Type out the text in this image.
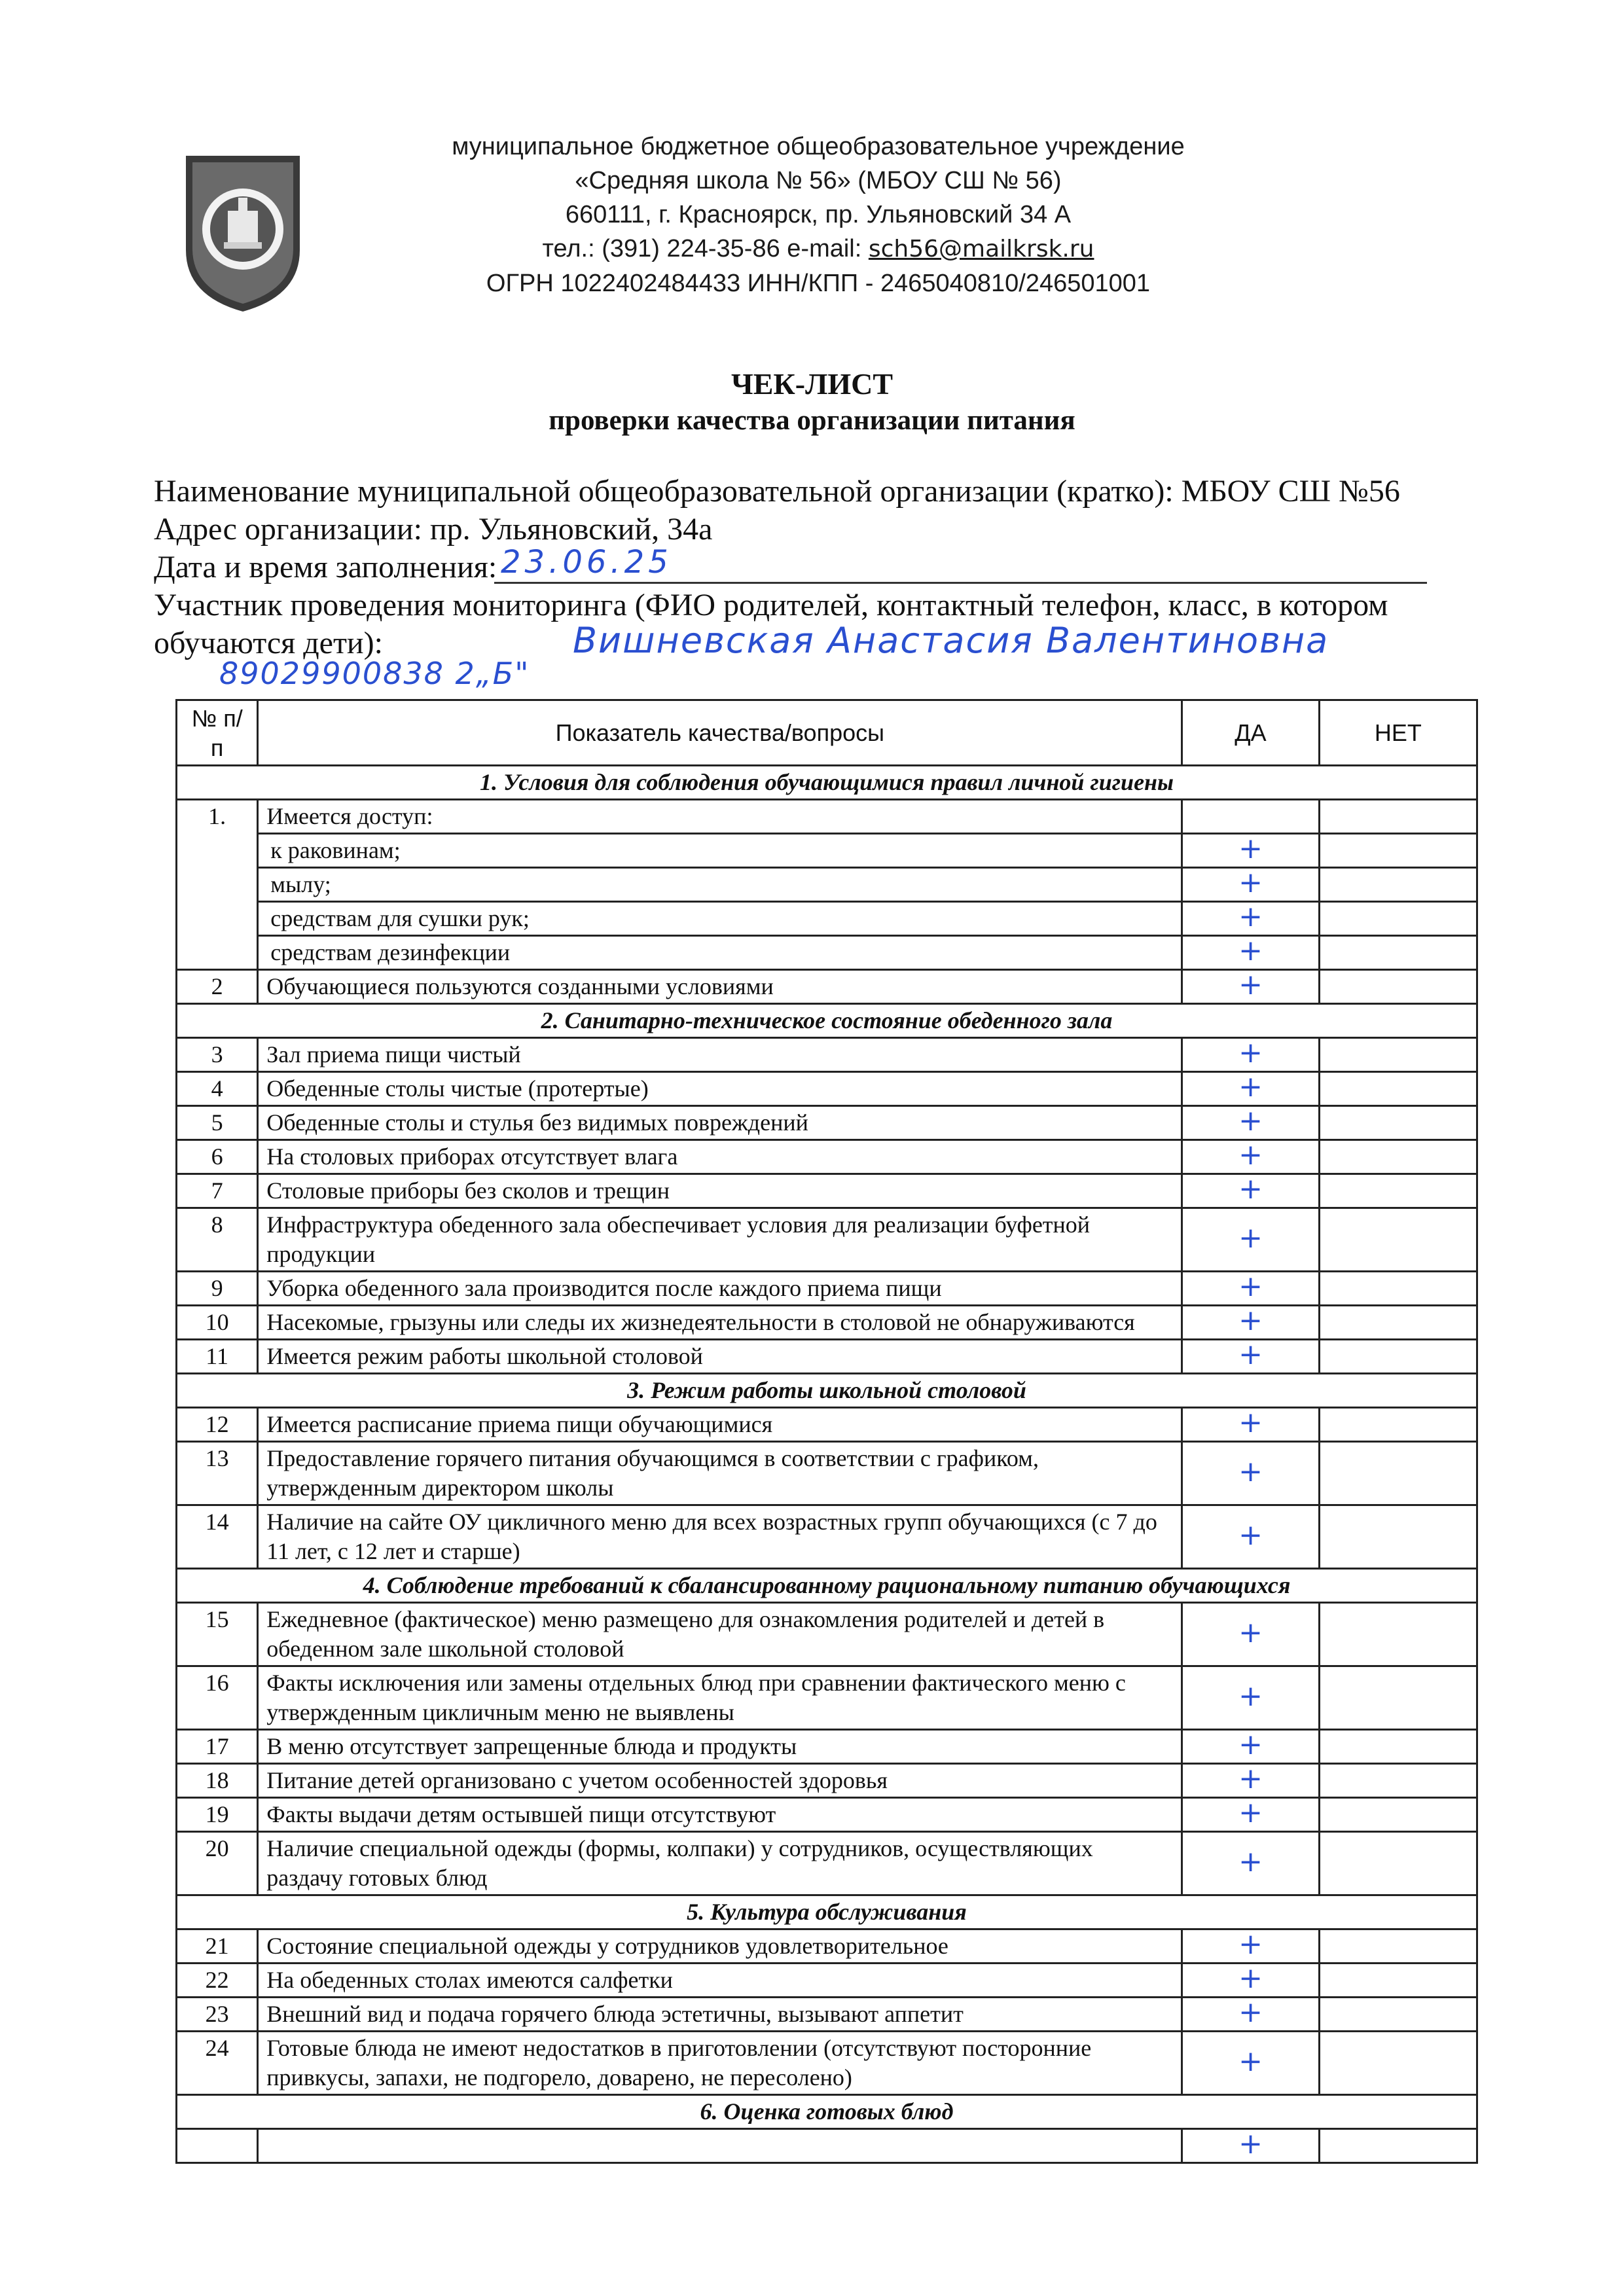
муниципальное бюджетное общеобразовательное учреждение
«Средняя школа № 56» (МБОУ СШ № 56)
660111, г. Красноярск, пр. Ульяновский 34 А
тел.: (391) 224-35-86 e-mail: sch56@mailkrsk.ru
ОГРН 1022402484433 ИНН/КПП - 2465040810/246501001
ЧЕК-ЛИСТ
проверки качества организации питания
Наименование муниципальной общеобразовательной организации (кратко): МБОУ СШ №56
Адрес организации: пр. Ульяновский, 34а
Дата и время заполнения: 23.06.25
Участник проведения мониторинга (ФИО родителей, контактный телефон, класс, в котором
обучаются дети):	Вишневская Анастасия Валентиновна
89029900838 2„Б"
№ п/п	Показатель качества/вопросы	ДА	НЕТ
1. Условия для соблюдения обучающимися правил личной гигиены			
1.	Имеется доступ:		
	к раковинам;	+	
	мылу;	+	
	средствам для сушки рук;	+	
	средствам дезинфекции	+	
2	Обучающиеся пользуются созданными условиями	+	
2. Санитарно-техническое состояние обеденного зала			
3	Зал приема пищи чистый	+	
4	Обеденные столы чистые (протертые)	+	
5	Обеденные столы и стулья без видимых повреждений	+	
6	На столовых приборах отсутствует влага	+	
7	Столовые приборы без сколов и трещин	+	
8	Инфраструктура обеденного зала обеспечивает условия для реализации буфетной продукции	+	
9	Уборка обеденного зала производится после каждого приема пищи	+	
10	Насекомые, грызуны или следы их жизнедеятельности в столовой не обнаруживаются	+	
11	Имеется режим работы школьной столовой	+	
3. Режим работы школьной столовой			
12	Имеется расписание приема пищи обучающимися	+	
13	Предоставление горячего питания обучающимся в соответствии с графиком, утвержденным директором школы	+	
14	Наличие на сайте ОУ цикличного меню для всех возрастных групп обучающихся (с 7 до 11 лет, с 12 лет и старше)	+	
4. Соблюдение требований к сбалансированному рациональному питанию обучающихся			
15	Ежедневное (фактическое) меню размещено для ознакомления родителей и детей в обеденном зале школьной столовой	+	
16	Факты исключения или замены отдельных блюд при сравнении фактического меню с утвержденным цикличным меню не выявлены	+	
17	В меню отсутствует запрещенные блюда и продукты	+	
18	Питание детей организовано с учетом особенностей здоровья	+	
19	Факты выдачи детям остывшей пищи отсутствуют	+	
20	Наличие специальной одежды (формы, колпаки) у сотрудников, осуществляющих раздачу готовых блюд	+	
5. Культура обслуживания			
21	Состояние специальной одежды у сотрудников удовлетворительное	+	
22	На обеденных столах имеются салфетки	+	
23	Внешний вид и подача горячего блюда эстетичны, вызывают аппетит	+	
24	Готовые блюда не имеют недостатков в приготовлении (отсутствуют посторонние привкусы, запахи, не подгорело, доварено, не пересолено)	+	
6. Оценка готовых блюд			
		+	
